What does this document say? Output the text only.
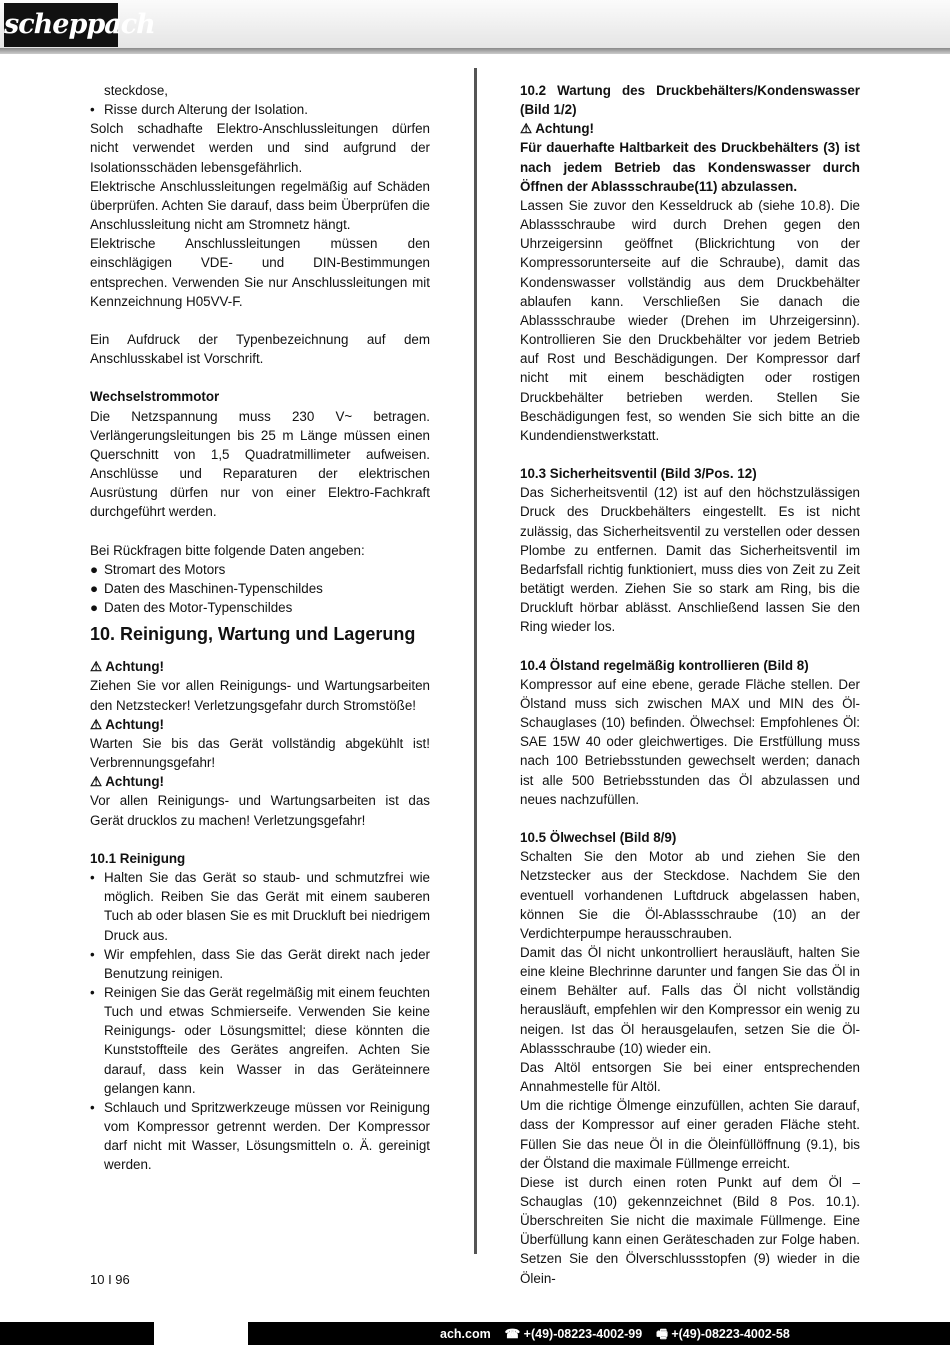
scheppach

steckdose,

• Risse durch Alterung der Isolation.

Solch schadhafte Elektro-Anschlussleitungen dürfen nicht verwendet werden und sind aufgrund der Isolationsschäden lebensgefährlich.

Elektrische Anschlussleitungen regelmäßig auf Schäden überprüfen. Achten Sie darauf, dass beim Überprüfen die Anschlussleitung nicht am Stromnetz hängt.

Elektrische Anschlussleitungen müssen den einschlägigen VDE- und DIN-Bestimmungen entsprechen. Verwenden Sie nur Anschlussleitungen mit Kennzeichnung H05VV-F.

Ein Aufdruck der Typenbezeichnung auf dem Anschlusskabel ist Vorschrift.

Wechselstrommotor

Die Netzspannung muss 230 V~ betragen. Verlängerungsleitungen bis 25 m Länge müssen einen Querschnitt von 1,5 Quadratmillimeter aufweisen. Anschlüsse und Reparaturen der elektrischen Ausrüstung dürfen nur von einer Elektro-Fachkraft durchgeführt werden.

Bei Rückfragen bitte folgende Daten angeben:

● Stromart des Motors
● Daten des Maschinen-Typenschildes
● Daten des Motor-Typenschildes
10. Reinigung, Wartung und Lagerung

⚠ Achtung!

Ziehen Sie vor allen Reinigungs- und Wartungsarbeiten den Netzstecker! Verletzungsgefahr durch Stromstöße!

⚠ Achtung!

Warten Sie bis das Gerät vollständig abgekühlt ist! Verbrennungsgefahr!

⚠ Achtung!

Vor allen Reinigungs- und Wartungsarbeiten ist das Gerät drucklos zu machen! Verletzungsgefahr!

10.1 Reinigung

• Halten Sie das Gerät so staub- und schmutzfrei wie möglich. Reiben Sie das Gerät mit einem sauberen Tuch ab oder blasen Sie es mit Druckluft bei niedrigem Druck aus.
• Wir empfehlen, dass Sie das Gerät direkt nach jeder Benutzung reinigen.
• Reinigen Sie das Gerät regelmäßig mit einem feuchten Tuch und etwas Schmierseife. Verwenden Sie keine Reinigungs- oder Lösungsmittel; diese könnten die Kunststoffteile des Gerätes angreifen. Achten Sie darauf, dass kein Wasser in das Geräteinnere gelangen kann.
• Schlauch und Spritzwerkzeuge müssen vor Reinigung vom Kompressor getrennt werden. Der Kompressor darf nicht mit Wasser, Lösungsmitteln o. Ä. gereinigt werden.

10.2 Wartung des Druckbehälters/Kondenswasser (Bild 1/2)

⚠ Achtung!

Für dauerhafte Haltbarkeit des Druckbehälters (3) ist nach jedem Betrieb das Kondenswasser durch Öffnen der Ablassschraube(11) abzulassen.

Lassen Sie zuvor den Kesseldruck ab (siehe 10.8). Die Ablassschraube wird durch Drehen gegen den Uhrzeigersinn geöffnet (Blickrichtung von der Kompressorunterseite auf die Schraube), damit das Kondenswasser vollständig aus dem Druckbehälter ablaufen kann. Verschließen Sie danach die Ablassschraube wieder (Drehen im Uhrzeigersinn). Kontrollieren Sie den Druckbehälter vor jedem Betrieb auf Rost und Beschädigungen. Der Kompressor darf nicht mit einem beschädigten oder rostigen Druckbehälter betrieben werden. Stellen Sie Beschädigungen fest, so wenden Sie sich bitte an die Kundendienstwerkstatt.

10.3 Sicherheitsventil (Bild 3/Pos. 12)

Das Sicherheitsventil (12) ist auf den höchstzulässigen Druck des Druckbehälters eingestellt. Es ist nicht zulässig, das Sicherheitsventil zu verstellen oder dessen Plombe zu entfernen. Damit das Sicherheitsventil im Bedarfsfall richtig funktioniert, muss dies von Zeit zu Zeit betätigt werden. Ziehen Sie so stark am Ring, bis die Druckluft hörbar ablässt. Anschließend lassen Sie den Ring wieder los.

10.4 Ölstand regelmäßig kontrollieren (Bild 8)

Kompressor auf eine ebene, gerade Fläche stellen. Der Ölstand muss sich zwischen MAX und MIN des Öl-Schauglases (10) befinden. Ölwechsel: Empfohlenes Öl: SAE 15W 40 oder gleichwertiges. Die Erstfüllung muss nach 100 Betriebsstunden gewechselt werden; danach ist alle 500 Betriebsstunden das Öl abzulassen und neues nachzufüllen.

10.5 Ölwechsel (Bild 8/9)

Schalten Sie den Motor ab und ziehen Sie den Netzstecker aus der Steckdose. Nachdem Sie den eventuell vorhandenen Luftdruck abgelassen haben, können Sie die Öl-Ablassschraube (10) an der Verdichterpumpe herausschrauben.

Damit das Öl nicht unkontrolliert herausläuft, halten Sie eine kleine Blechrinne darunter und fangen Sie das Öl in einem Behälter auf. Falls das Öl nicht vollständig herausläuft, empfehlen wir den Kompressor ein wenig zu neigen. Ist das Öl herausgelaufen, setzen Sie die Öl-Ablassschraube (10) wieder ein.

Das Altöl entsorgen Sie bei einer entsprechenden Annahmestelle für Altöl.

Um die richtige Ölmenge einzufüllen, achten Sie darauf, dass der Kompressor auf einer geraden Fläche steht. Füllen Sie das neue Öl in die Öleinfüllöffnung (9.1), bis der Ölstand die maximale Füllmenge erreicht.

Diese ist durch einen roten Punkt auf dem Öl – Schauglas (10) gekennzeichnet (Bild 8 Pos. 10.1). Überschreiten Sie nicht die maximale Füllmenge. Eine Überfüllung kann einen Geräteschaden zur Folge haben. Setzen Sie den Ölverschlussstopfen (9) wieder in die Ölein-

10 I 96
ach.com ☎ +(49)-08223-4002-99 🖷 +(49)-08223-4002-58
